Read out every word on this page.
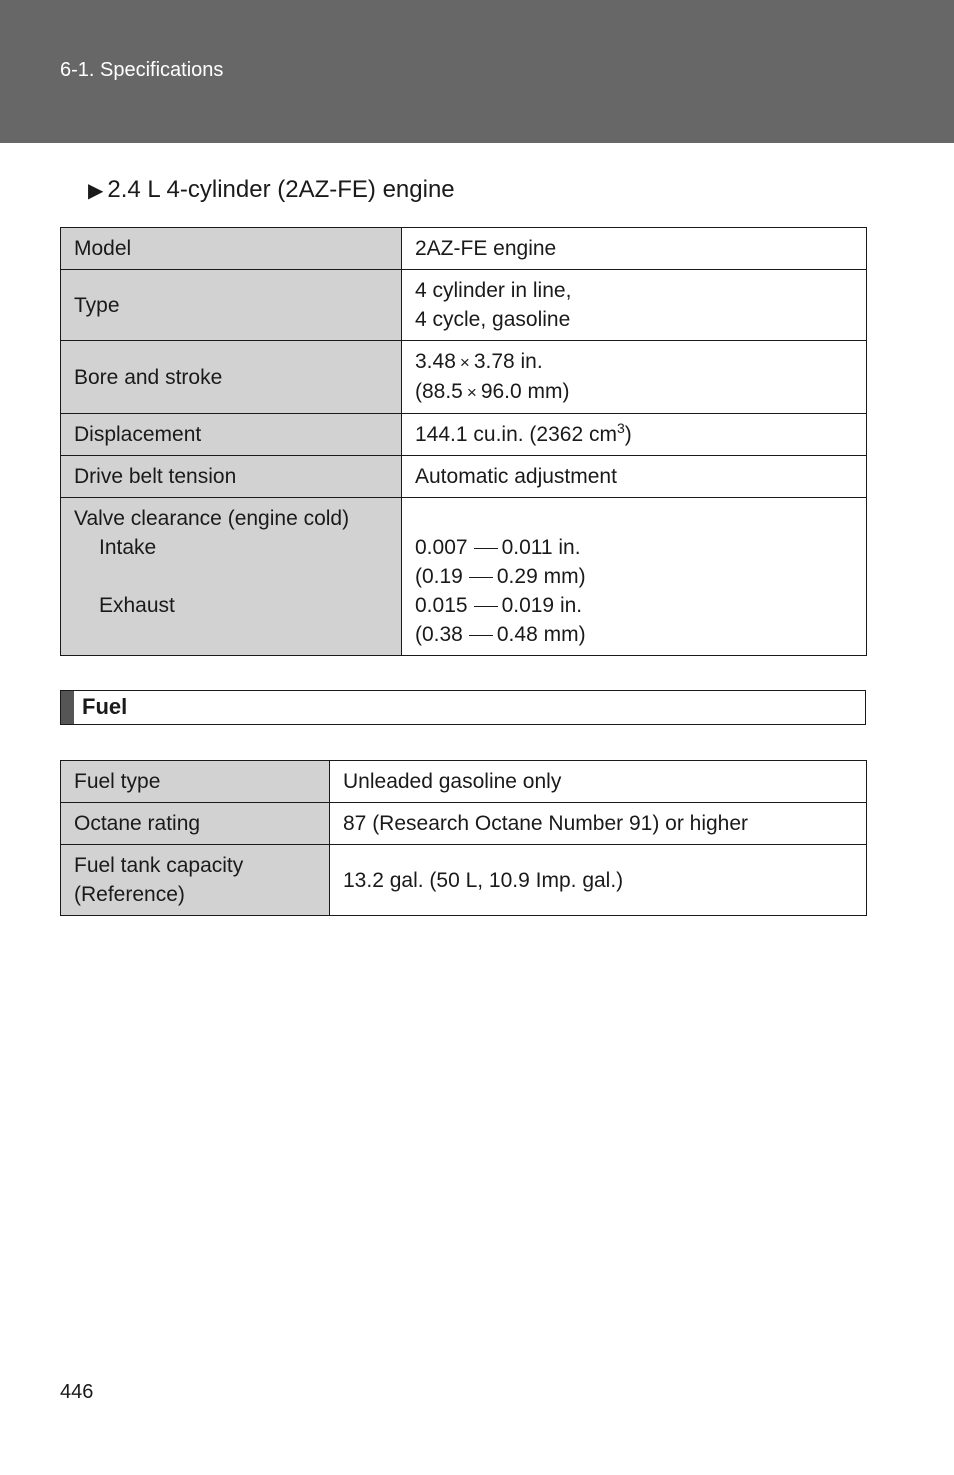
6-1. Specifications
▶ 2.4 L 4-cylinder (2AZ-FE) engine
Model	2AZ-FE engine
Type	4 cylinder in line,
4 cycle, gasoline
Bore and stroke	3.48 × 3.78 in.
(88.5 × 96.0 mm)
Displacement	144.1 cu.in. (2362 $cm^3$)
Drive belt tension	Automatic adjustment
Valve clearance (engine cold)

Intake

Exhaust	0.007 0.011 in.
(0.19 0.29 mm)
0.015 0.019 in.
(0.38 0.48 mm)
Fuel
Fuel type	Unleaded gasoline only
Octane rating	87 (Research Octane Number 91) or higher
Fuel tank capacity
(Reference)	13.2 gal. (50 L, 10.9 Imp. gal.)
446
